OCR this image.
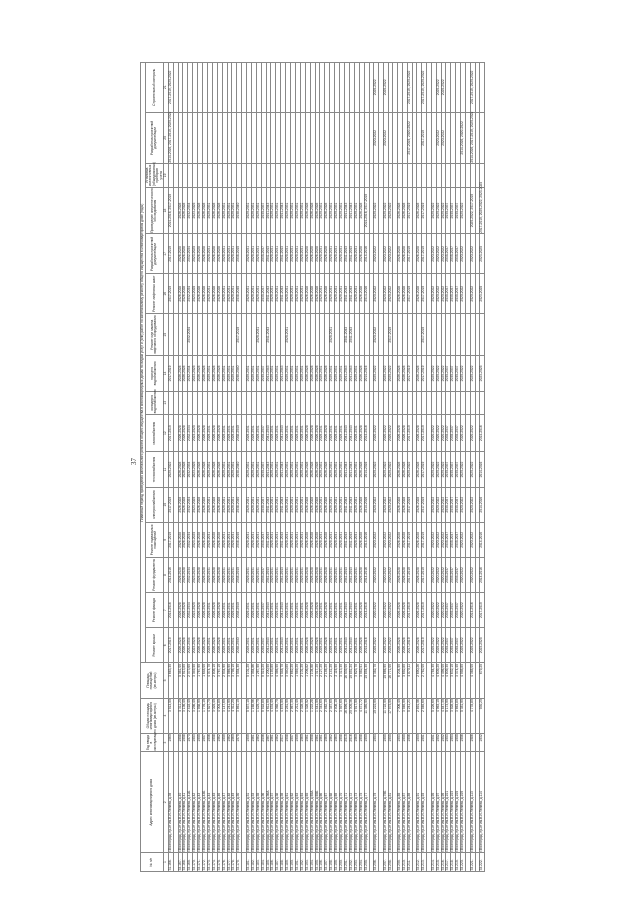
37
№ п/п	Адрес многоквартирного дома	Год ввода в эксплуатацию	Общая площадь многоквартирного дома (кв.метры)	Площадь помещений (кв.метры)	Плановый период проведения капитального ремонта общего имущества в многоквартирных домах по видам услуг и (или) работ по капитальному ремонту общего имущества в многоквартирном доме (годы)															
					Ремонт крыши	Ремонт фасада	Ремонт фундамента	Ремонт подвальных помещений	электроснабжения	теплоснабжения	газоснабжения	холодного водоснабжения	горячего водоснабжения	Ремонт или замена лифтового оборудования	Ремонт лифтовых шахт	Разработка проектной документации	Проведение энергетического обследования	Установка коллективных (общедомовых) приборов учета	Разработка проектной документации	Строительный контроль
1	2	3	4	5	6	7	8	9	10	11	12	13	14	15	16	17	18	19	20	21
31.166.	г.Волгоград, пр-кт им.В.И.Ленина, д.39	1960	3 913,50	3 663,30	2017-2019	2014-2016	2014-2016	2017-2019	2017-2019	2020-2022	2017-2019		2017-2019		2017-2019	2017-2019	2014-2016, 2017-2019		2014-2016, 2017-2019, 2020-2022	2017-2019, 2020-2022

33.167.	г.Волгоград, пр-кт им.В.И.Ленина, д.40	1958	5 311,20	5 081,00	2026-2028	2026-2028	2026-2028	2026-2028	2026-2028	2026-2028	2026-2028		2026-2028		2026-2028	2026-2028	2026-2028			
33.168.	г.Волгоград, пр-кт им.В.И.Ленина, д.41	1958	3 136,40	2 913,80	2026-2028	2026-2028	2026-2028	2026-2028	2026-2028	2026-2028	2026-2028		2026-2028		2026-2028	2026-2028	2026-2028			
33.169.	г.Волгоград, пр-кт им.В.И.Ленина, д.41Б	1973	2 418,40	2 373,60	2032-2034	2032-2034	2032-2034	2032-2034	2032-2034	2032-2034	2032-2034		2032-2034	2032-2034	2032-2034	2032-2034	2032-2034			
33.170.	г.Волгоград, пр-кт им.В.И.Ленина, д.42	1953	3 256,40	3 049,50	2023-2025	2023-2025	2023-2025	2023-2025	2023-2025	2023-2025	2023-2025		2023-2025		2023-2025	2023-2025	2023-2025			
33.171.	г.Волгоград, пр-кт им.В.И.Ленина, д.43	1955	1 958,90	1 767,90	2026-2028	2026-2028	2026-2028	2026-2028	2026-2028	2026-2028	2026-2028		2026-2028		2026-2028	2026-2028	2026-2028			
33.172.	г.Волгоград, пр-кт им.В.И.Ленина, д.43Б	1957	1 776,10	1 648,00	2026-2028	2026-2028	2026-2028	2026-2028	2026-2028	2026-2028	2026-2028		2026-2028		2026-2028	2026-2028	2026-2028			
33.173.	г.Волгоград, пр-кт им.В.И.Ленина, д.44	1956	4 527,70	4 074,70	2029-2031	2029-2031	2029-2031	2029-2031	2029-2031	2029-2031	2029-2031		2029-2031		2029-2031	2029-2031	2029-2031			
33.174.	г.Волгоград, пр-кт им.В.И.Ленина, д.45	1958	3 025,40	2 808,10	2026-2028	2026-2028	2026-2028	2026-2028	2026-2028	2026-2028	2026-2028		2026-2028		2026-2028	2026-2028	2026-2028			
33.175.	г.Волгоград, пр-кт им.В.И.Ленина, д.46	1962	4 004,80	3 767,10	2026-2028	2026-2028	2026-2028	2026-2028	2026-2028	2026-2028	2026-2028		2026-2028		2026-2028	2026-2028	2026-2028			
33.176.	г.Волгоград, пр-кт им.В.И.Ленина, д.47	1959	3 147,60	2 934,90	2029-2031	2029-2031	2029-2031	2029-2031	2029-2031	2029-2031	2029-2031		2029-2031		2029-2031	2029-2031	2029-2031			
33.177.	г.Волгоград, пр-кт им.В.И.Ленина, д.48	1962	4 241,90	3 966,90	2029-2031	2029-2031	2029-2031	2029-2031	2029-2031	2029-2031	2029-2031		2029-2031		2029-2031	2029-2031	2029-2031			
33.178.	г.Волгоград, пр-кт им.В.И.Ленина, д.49	1960	4 011,20	3 798,10	2029-2031	2029-2031	2029-2031	2029-2031	2029-2031	2029-2031	2029-2031		2029-2031		2029-2031	2029-2031	2029-2031			
33.179.	г.Волгоград, пр-кт им.В.И.Ленина, д.50	1975	3 861,10	3 554,30	2038-2040	2038-2040	2038-2040	2038-2040	2038-2040	2038-2040	2038-2040		2038-2040	2017-2019	2038-2040	2038-2040	2038-2040			

33.181.	г.Волгоград, пр-кт им.В.И.Ленина, д.51	1959	5 537,10	5 101,20	2029-2031	2029-2031	2029-2031	2029-2031	2029-2031	2029-2031	2029-2031		2029-2031		2029-2031	2029-2031	2029-2031			
33.182.	г.Волгоград, пр-кт им.В.И.Ленина, д.53	1961	1 168,96	1 054,86	2029-2031	2029-2031	2029-2031	2029-2031	2029-2031	2029-2031	2029-2031		2029-2031		2029-2031	2029-2031	2029-2031			
33.183.	г.Волгоград, пр-кт им.В.И.Ленина, д.55	1962	1 425,70	1 267,50	2029-2031	2029-2031	2029-2031	2029-2031	2029-2031	2029-2031	2029-2031		2029-2031	2029-2031	2029-2031	2029-2031	2029-2031			
33.184.	г.Волгоград, пр-кт им.В.И.Ленина, д.56	2006	9 918,80	9 519,20	2035-2037	2035-2037	2035-2037	2035-2037	2035-2037	2035-2037	2035-2037		2035-2037		2035-2037	2035-2037	2035-2037			
33.185.	г.Волгоград, пр-кт им.В.И.Ленина, д.56А	1967	4 611,90	4 200,50	2041-2043	2041-2043	2041-2043	2041-2043	2041-2043	2041-2043	2041-2043		2041-2043	2041-2043	2041-2043	2041-2043	2041-2043			
33.186.	г.Волгоград, пр-кт им.В.И.Ленина, д.57	1961	4 434,40	4 193,80	2029-2031	2029-2031	2029-2031	2029-2031	2029-2031	2029-2031	2029-2031		2029-2031		2029-2031	2029-2031	2029-2031			
33.187.	г.Волгоград, пр-кт им.В.И.Ленина, д.58	1962	4 368,70	4 086,50	2029-2031	2029-2031	2029-2031	2029-2031	2029-2031	2029-2031	2029-2031		2029-2031		2029-2031	2029-2031	2029-2031			
33.188.	г.Волгоград, пр-кт им.В.И.Ленина, д.59	2017	4 875,50	4 548,70	2041-2043	2041-2043	2041-2043	2041-2043	2041-2043	2041-2043	2041-2043		2041-2043		2041-2043	2041-2043	2041-2043			
33.189.	г.Волгоград, пр-кт им.В.И.Ленина, д.61	1958	3 281,00	3 040,80	2029-2031	2029-2031	2029-2031	2029-2031	2029-2031	2029-2031	2029-2031		2029-2031	2029-2031	2029-2031	2029-2031	2029-2031			
33.190.	г.Волгоград, пр-кт им.В.И.Ленина, д.62	1957	2 967,30	2 662,20	2029-2031	2029-2031	2029-2031	2029-2031	2029-2031	2029-2031	2029-2031		2029-2031		2029-2031	2029-2031	2029-2031			
33.191.	г.Волгоград, пр-кт им.В.И.Ленина, д.63	1959	2 211,40	1 989,20	2029-2031	2029-2031	2029-2031	2029-2031	2029-2031	2029-2031	2029-2031		2029-2031		2029-2031	2029-2031	2029-2031			
33.192.	г.Волгоград, пр-кт им.В.И.Ленина, д.64	1960	2 328,30	2 101,20	2029-2031	2029-2031	2029-2031	2029-2031	2029-2031	2029-2031	2029-2031		2029-2031		2029-2031	2029-2031	2029-2031			
33.193.	г.Волгоград, пр-кт им.В.И.Ленина, д.65	1961	1 328,52	1 206,82	2026-2028	2026-2028	2026-2028	2026-2028	2026-2028	2026-2028	2026-2028		2026-2028		2026-2028	2026-2028	2026-2028			
33.194.	г.Волгоград, пр-кт им.В.И.Ленина, д.65А	1958	1 222,28	1 104,88	2026-2028	2026-2028	2026-2028	2026-2028	2026-2028	2026-2028	2026-2028		2026-2028		2026-2028	2026-2028	2026-2028			
33.195.	г.Волгоград, пр-кт им.В.И.Ленина, д.65Б	1961	1 441,50	1 317,20	2026-2028	2026-2028	2026-2028	2026-2028	2026-2028	2026-2028	2026-2028		2026-2028		2026-2028	2026-2028	2026-2028			
33.196.	г.Волгоград, пр-кт им.В.И.Ленина, д.66	1961	2 344,60	2 127,20	2029-2031	2029-2031	2029-2031	2029-2031	2029-2031	2029-2031	2029-2031		2029-2031		2029-2031	2029-2031	2029-2031			
33.197.	г.Волгоград, пр-кт им.В.И.Ленина, д.67	1960	2 462,10	2 146,20	2026-2028	2026-2028	2026-2028	2026-2028	2026-2028	2026-2028	2026-2028		2026-2028		2026-2028	2026-2028	2026-2028			
33.198.	г.Волгоград, пр-кт им.В.И.Ленина, д.68	1962	2 387,60	2 141,20	2029-2031	2029-2031	2029-2031	2029-2031	2029-2031	2029-2031	2029-2031		2029-2031	2029-2031	2029-2031	2029-2031	2029-2031			
33.199.	г.Волгоград, пр-кт им.В.И.Ленина, д.69	1963	2 408,10	2 116,50	2029-2031	2029-2031	2029-2031	2029-2031	2029-2031	2029-2031	2029-2031		2029-2031		2029-2031	2029-2031	2029-2031			
33.200.	г.Волгоград, пр-кт им.В.И.Ленина, д.70	1958	3 597,60	3 313,30	2029-2031	2029-2031	2029-2031	2029-2031	2029-2031	2029-2031	2029-2031		2029-2031		2029-2031	2029-2031	2029-2031			
33.201.	г.Волгоград, пр-кт им.В.И.Ленина, д.71	2015	16 896,10	16 539,00	2041-2043	2041-2043	2041-2043	2041-2043	2041-2043	2041-2043	2041-2043		2041-2043	2041-2043	2041-2043	2041-2043	2041-2043			
33.202.	г.Волгоград, пр-кт им.В.И.Ленина, д.72	2016	20 305,36	19 851,24	2041-2043	2041-2043	2041-2043	2041-2043	2041-2043	2041-2043	2041-2043		2041-2043	2041-2043	2041-2043	2041-2043	2041-2043			
33.203.	г.Волгоград, пр-кт им.В.И.Ленина, д.73	1960	3 917,50	3 623,70	2029-2031	2029-2031	2029-2031	2029-2031	2029-2031	2029-2031	2029-2031		2029-2031		2029-2031	2029-2031	2029-2031			
33.204.	г.Волгоград, пр-кт им.В.И.Ленина, д.75	1958	4 471,72	3 982,51	2026-2028	2026-2028	2026-2028	2026-2028	2026-2028	2026-2028	2026-2028		2026-2028		2026-2028	2026-2028	2026-2028			
33.205.	г.Волгоград, пр-кт им.В.И.Ленина, д.77	1950	11 380,00	10 894,30	2014-2016	2014-2016	2014-2016	2014-2016	2014-2016	2014-2016	2014-2016		2014-2016		2014-2016	2014-2016	2014-2016, 2017-2019			

33.206.	г.Волгоград, пр-кт им.В.И.Ленина, д.79	1954	10 222,90	9 382,70	2020-2022	2020-2022	2020-2022	2020-2022	2020-2022	2020-2022	2020-2022		2020-2022	2020-2022	2020-2022	2020-2022	2020-2022		2020-2022	2020-2022

33.207.	г.Волгоград, пр-кт им.В.И.Ленина, д.79Б	1955	11 722,00	10 666,90	2020-2022	2020-2022	2020-2022	2020-2022	2020-2022	2020-2022	2020-2022		2020-2022		2020-2022	2020-2022	2020-2022		2020-2022	2020-2022
33.208.	г.Волгоград, пр-кт им.В.И.Ленина, д.81	1955	17 975,00	16 771,00	2020-2022	2020-2022	2020-2022	2020-2022	2020-2022	2020-2022	2020-2022		2020-2022	2017-2019	2020-2022	2020-2022	2020-2022			

33.209.	г.Волгоград, пр-кт им.В.И.Ленина, д.85	1953	7 006,40	6 204,50	2026-2028	2026-2028	2026-2028	2026-2028	2026-2028	2026-2028	2026-2028		2026-2028		2026-2028	2026-2028	2026-2028			
33.210.	г.Волгоград, пр-кт им.В.И.Ленина, д.87	1955	3 946,00	3 692,80	2026-2028	2026-2028	2026-2028	2026-2028	2026-2028	2026-2028	2026-2028		2026-2028		2026-2028	2026-2028	2026-2028			
33.211.	г.Волгоград, пр-кт им.В.И.Ленина, д.89	1956	5 241,21	4 870,11	2017-2019	2017-2019	2017-2019	2017-2019	2017-2019	2020-2022	2017-2019		2017-2019		2017-2019	2017-2019	2017-2019		2017-2019, 2020-2022	2017-2019, 2020-2022

33.212.	г.Волгоград, пр-кт им.В.И.Ленина, д.91	1950	2 891,06	2 690,26	2026-2028	2026-2028	2026-2028	2026-2028	2026-2028	2026-2028	2026-2028		2026-2028		2026-2028	2026-2028	2026-2028			
33.213.	г.Волгоград, пр-кт им.В.И.Ленина, д.93	1951	2 946,60	2 762,00	2017-2019	2017-2019	2017-2019	2017-2019	2017-2019	2017-2019	2017-2019		2017-2019	2017-2019	2017-2019	2017-2019	2017-2019		2017-2019	2017-2019, 2020-2022

33.214.	г.Волгоград, пр-кт им.В.И.Ленина, д.95	1951	5 226,60	4 784,30	2020-2022	2020-2022	2020-2022	2020-2022	2020-2022	2020-2022	2020-2022		2020-2022		2020-2022	2020-2022	2020-2022			
33.215.	г.Волгоград, пр-кт им.В.И.Ленина, д.97	1952	4 963,10	4 609,20	2020-2022	2020-2022	2020-2022	2020-2022	2020-2022	2020-2022	2020-2022		2020-2022		2020-2022	2020-2022	2020-2022		2020-2022	2020-2022
33.216.	г.Волгоград, пр-кт им.В.И.Ленина, д.99	1952	4 847,30	4 496,00	2020-2022	2020-2022	2020-2022	2020-2022	2020-2022	2020-2022	2020-2022		2020-2022		2020-2022	2020-2022	2020-2022		2020-2022	2020-2022
33.217.	г.Волгоград, пр-кт им.В.И.Ленина, д.101	1953	5 173,90	4 809,30	2035-2037	2035-2037	2035-2037	2035-2037	2035-2037	2035-2037	2035-2037		2035-2037		2035-2037	2035-2037	2035-2037			
33.218.	г.Волгоград, пр-кт им.В.И.Ленина, д.103	1954	3 928,50	3 632,10	2035-2037	2035-2037	2035-2037	2035-2037	2035-2037	2035-2037	2035-2037		2035-2037		2035-2037	2035-2037	2035-2037			
33.219.	г.Волгоград, пр-кт им.В.И.Ленина, д.105	1955	3 663,80	3 374,40	2035-2037	2035-2037	2035-2037	2035-2037	2035-2037	2035-2037	2035-2037		2035-2037		2035-2037	2035-2037	2035-2037			
33.220.	г.Волгоград, пр-кт им.В.И.Ленина, д.109	1956	5 381,90	4 998,80	2020-2022	2020-2022	2020-2022	2020-2022	2020-2022	2020-2022	2020-2022		2020-2022		2020-2022	2020-2022	2020-2022		2014-2016, 2020-2022	

33.221.	г.Волгоград, пр-кт им.В.И.Ленина, д.113	1986	4 778,80	4 368,00	2020-2022	2014-2016	2020-2022	2020-2022	2020-2022	2020-2022	2020-2022		2020-2022		2020-2022	2020-2022	2020-2022, 2017-2019		2014-2016, 2017-2019, 2020-2022	2017-2019, 2020-2022

33.222.	г.Волгоград, пр-кт им.В.И.Ленина, д.114	1932	930,20	679,20	2023-2025	2017-2019	2014-2016	2014-2016	2014-2016	2014-2016	2014-2016		2023-2025		2023-2025	2023-2025	2017-2019, 2020-2022, 2023-2025			
